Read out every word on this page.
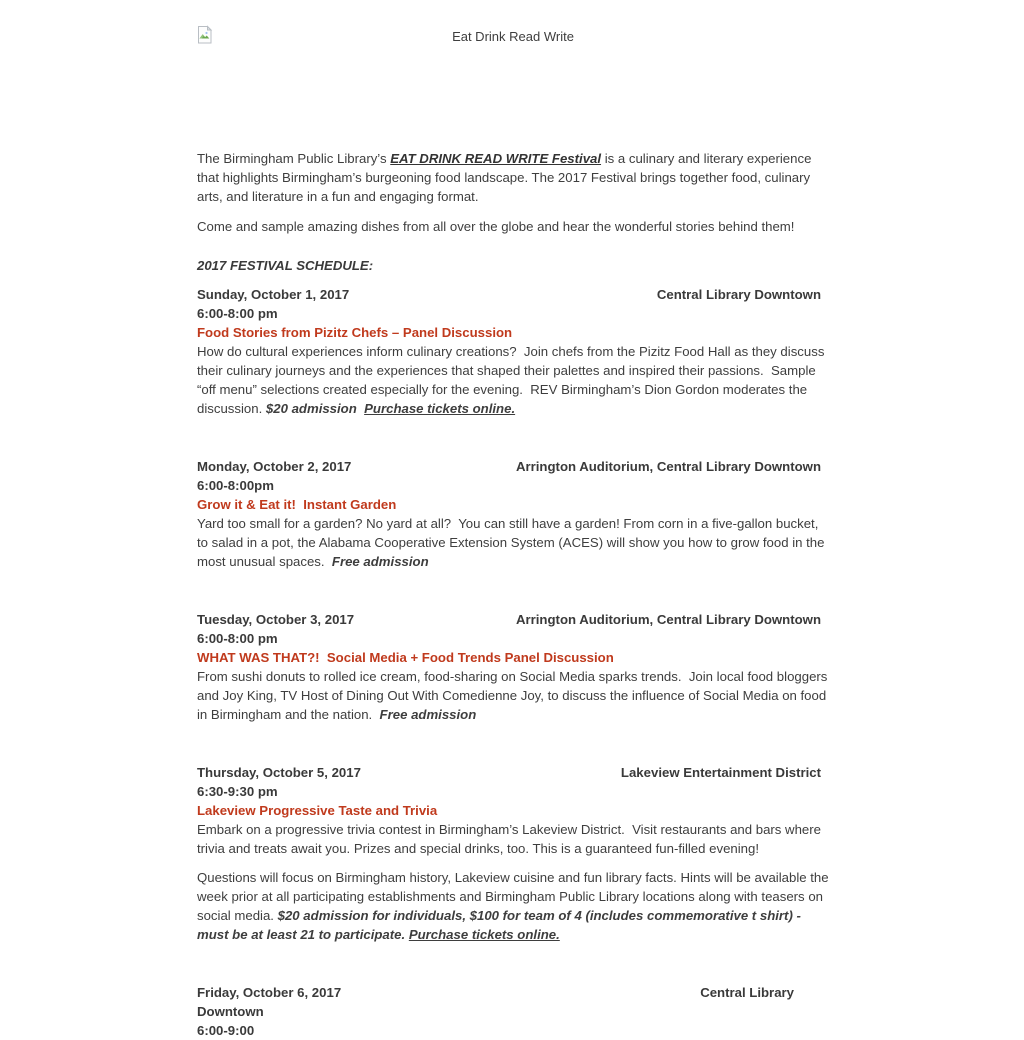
Eat Drink Read Write

The Birmingham Public Library’s EAT DRINK READ WRITE Festival is a culinary and literary experience that highlights Birmingham’s burgeoning food landscape. The 2017 Festival brings together food, culinary arts, and literature in a fun and engaging format.

Come and sample amazing dishes from all over the globe and hear the wonderful stories behind them!

2017 FESTIVAL SCHEDULE:
Sunday, October 1, 2017	Central Library Downtown
6:00-8:00 pm
Food Stories from Pizitz Chefs – Panel Discussion

How do cultural experiences inform culinary creations?  Join chefs from the Pizitz Food Hall as they discuss their culinary journeys and the experiences that shaped their palettes and inspired their passions.  Sample “off menu” selections created especially for the evening.  REV Birmingham’s Dion Gordon moderates the discussion. $20 admission Purchase tickets online.

Monday, October 2, 2017	Arrington Auditorium, Central Library Downtown
6:00-8:00pm
Grow it & Eat it!  Instant Garden

Yard too small for a garden? No yard at all?  You can still have a garden! From corn in a five-gallon bucket, to salad in a pot, the Alabama Cooperative Extension System (ACES) will show you how to grow food in the most unusual spaces.  Free admission

Tuesday, October 3, 2017	Arrington Auditorium, Central Library Downtown
6:00-8:00 pm
WHAT WAS THAT?!  Social Media + Food Trends Panel Discussion

From sushi donuts to rolled ice cream, food-sharing on Social Media sparks trends.  Join local food bloggers and Joy King, TV Host of Dining Out With Comedienne Joy, to discuss the influence of Social Media on food in Birmingham and the nation.  Free admission

Thursday, October 5, 2017	Lakeview Entertainment District
6:30-9:30 pm
Lakeview Progressive Taste and Trivia

Embark on a progressive trivia contest in Birmingham’s Lakeview District.  Visit restaurants and bars where trivia and treats await you. Prizes and special drinks, too. This is a guaranteed fun-filled evening!

Questions will focus on Birmingham history, Lakeview cuisine and fun library facts. Hints will be available the week prior at all participating establishments and Birmingham Public Library locations along with teasers on social media. $20 admission for individuals, $100 for team of 4 (includes commemorative t shirt) - must be at least 21 to participate. Purchase tickets online.

Friday, October 6, 2017	Central Library
Downtown
6:00-9:00
